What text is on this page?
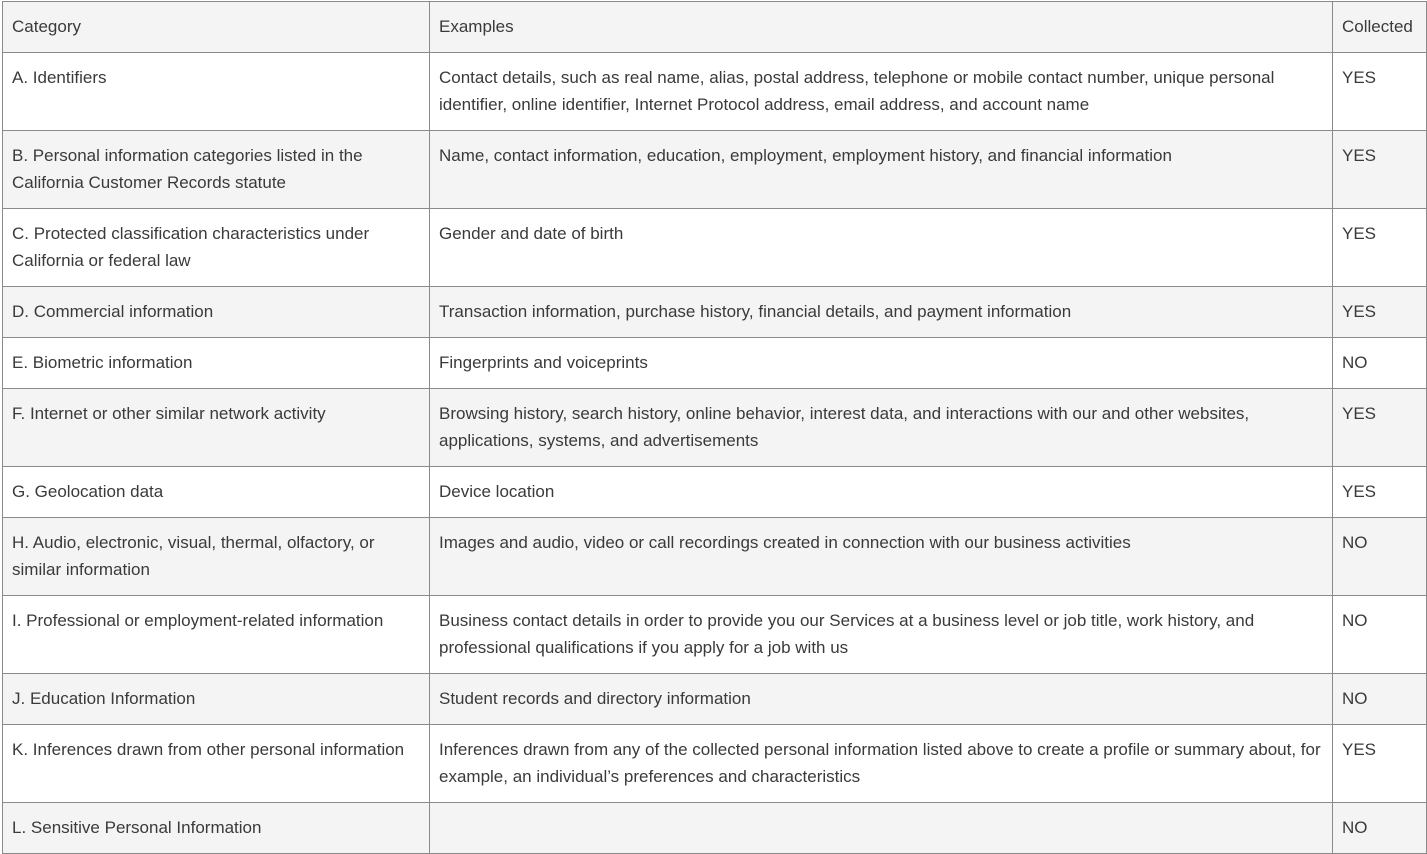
Category	Examples	Collected
A. Identifiers	Contact details, such as real name, alias, postal address, telephone or mobile contact number, unique personal identifier, online identifier, Internet Protocol address, email address, and account name	YES
B. Personal information categories listed in the California Customer Records statute	Name, contact information, education, employment, employment history, and financial information	YES
C. Protected classification characteristics under California or federal law	Gender and date of birth	YES
D. Commercial information	Transaction information, purchase history, financial details, and payment information	YES
E. Biometric information	Fingerprints and voiceprints	NO
F. Internet or other similar network activity	Browsing history, search history, online behavior, interest data, and interactions with our and other websites, applications, systems, and advertisements	YES
G. Geolocation data	Device location	YES
H. Audio, electronic, visual, thermal, olfactory, or similar information	Images and audio, video or call recordings created in connection with our business activities	NO
I. Professional or employment-related information	Business contact details in order to provide you our Services at a business level or job title, work history, and professional qualifications if you apply for a job with us	NO
J. Education Information	Student records and directory information	NO
K. Inferences drawn from other personal information	Inferences drawn from any of the collected personal information listed above to create a profile or summary about, for example, an individual’s preferences and characteristics	YES
L. Sensitive Personal Information		NO
